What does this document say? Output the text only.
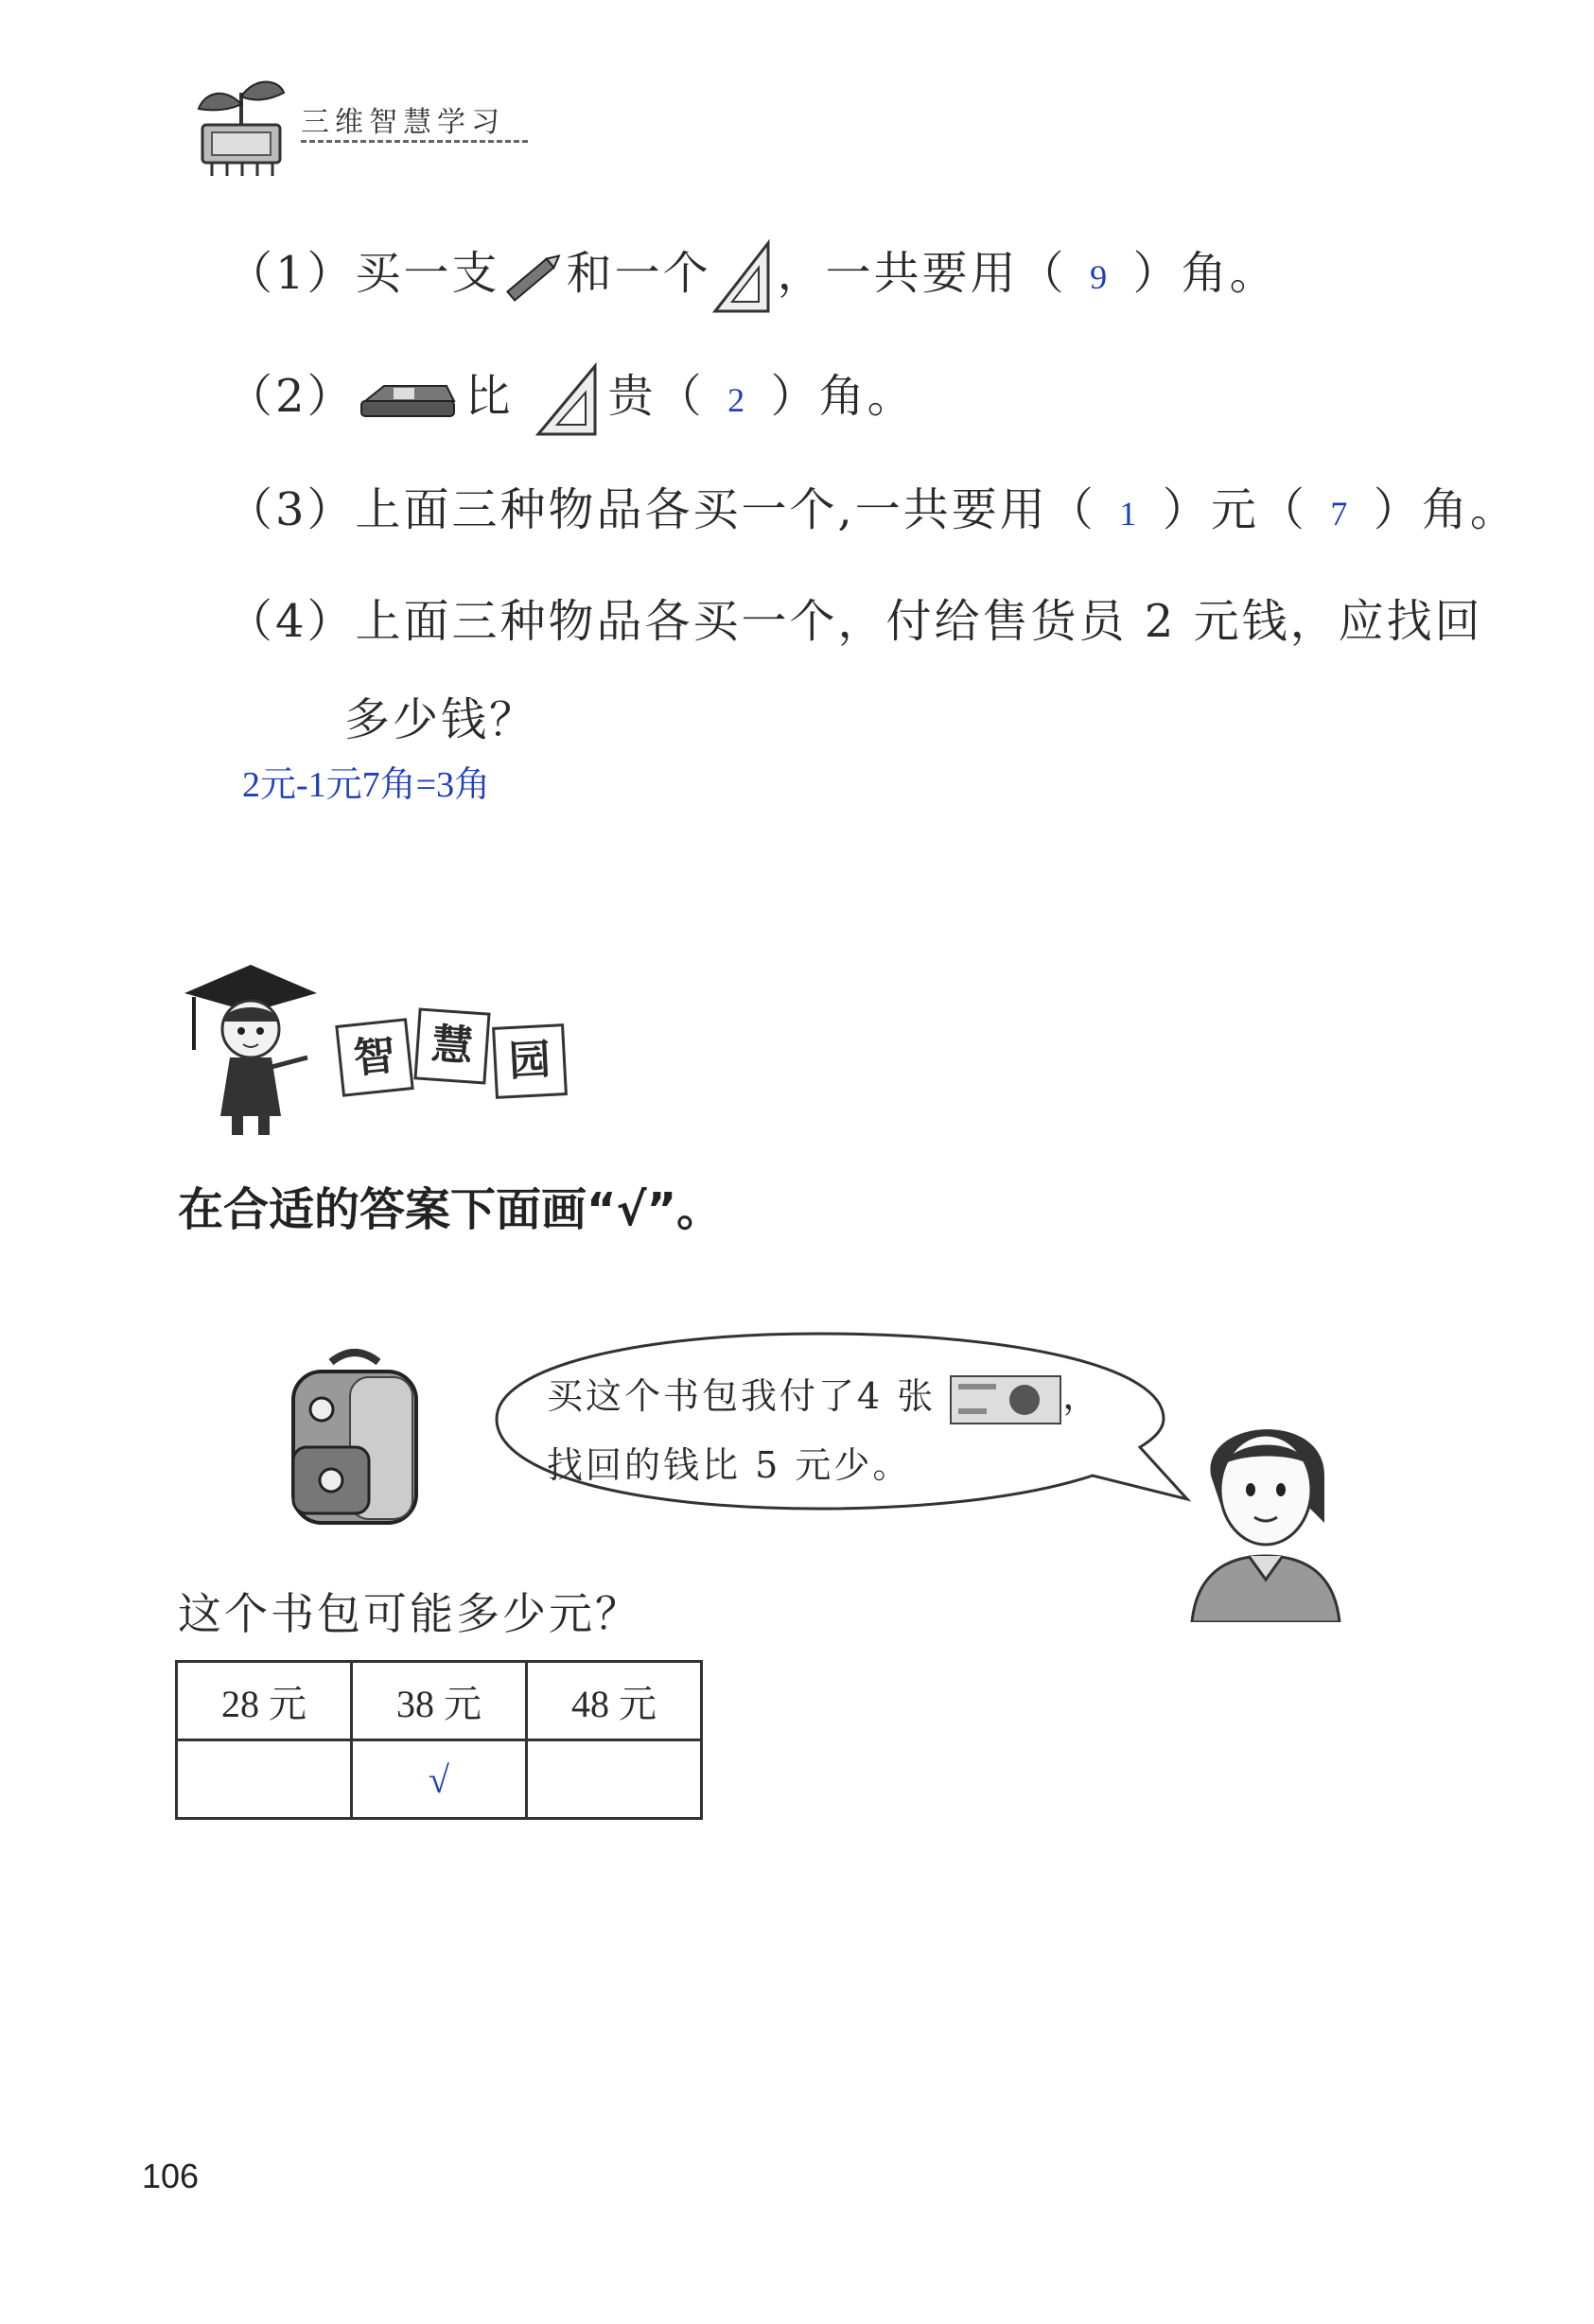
三维智慧学习
（1）买一支 和一个 ，一共要用（ 9 ）角。
（2） 比 贵（ 2 ）角。
（3）上面三种物品各买一个,一共要用（ 1 ）元（ 7 ）角。
（4）上面三种物品各买一个，付给售货员 2 元钱，应找回
多少钱？
2元-1元7角=3角
智 慧 园
在合适的答案下面画“√”。
买这个书包我付了4 张	，
找回的钱比 5 元少。
这个书包可能多少元？
28 元	38 元	48 元
	√	
106
